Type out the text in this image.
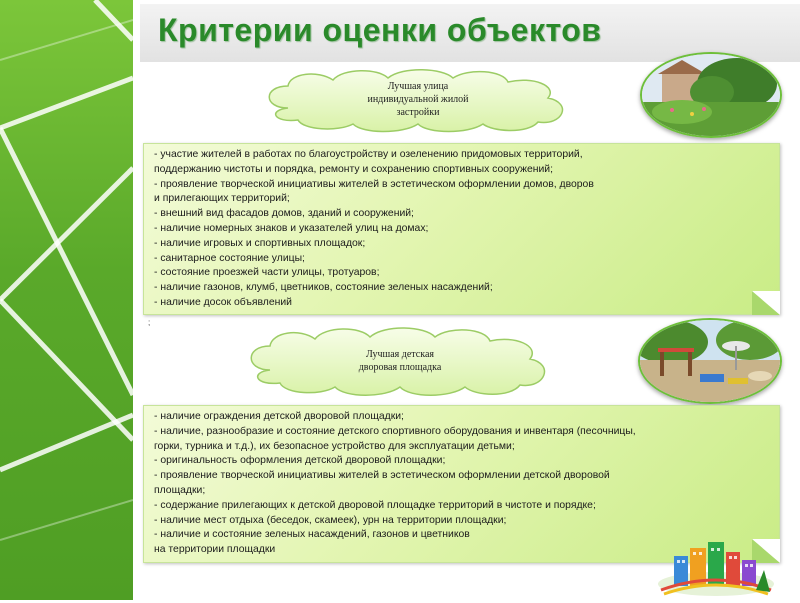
Критерии оценки объектов
Лучшая улица
индивидуальной жилой
застройки
- участие жителей в работах по благоустройству и озеленению придомовых территорий,
поддержанию чистоты и порядка, ремонту и сохранению спортивных сооружений;
- проявление творческой инициативы жителей в эстетическом оформлении домов, дворов
и прилегающих территорий;
- внешний вид фасадов домов, зданий и сооружений;
- наличие номерных знаков и указателей улиц на домах;
- наличие игровых и спортивных площадок;
- санитарное состояние улицы;
- состояние проезжей части улицы, тротуаров;
- наличие газонов, клумб, цветников, состояние зеленых насаждений;
- наличие досок объявлений
;
Лучшая детская
дворовая площадка
- наличие ограждения детской дворовой площадки;
- наличие, разнообразие и состояние детского спортивного оборудования и инвентаря (песочницы,
горки, турника и т.д.), их безопасное устройство для эксплуатации детьми;
- оригинальность оформления детской дворовой площадки;
- проявление творческой инициативы жителей в эстетическом оформлении детской дворовой
площадки;
- содержание прилегающих к детской дворовой площадке территорий в чистоте и порядке;
- наличие мест отдыха (беседок, скамеек), урн на территории площадки;
- наличие и состояние зеленых насаждений, газонов и цветников
на территории площадки
